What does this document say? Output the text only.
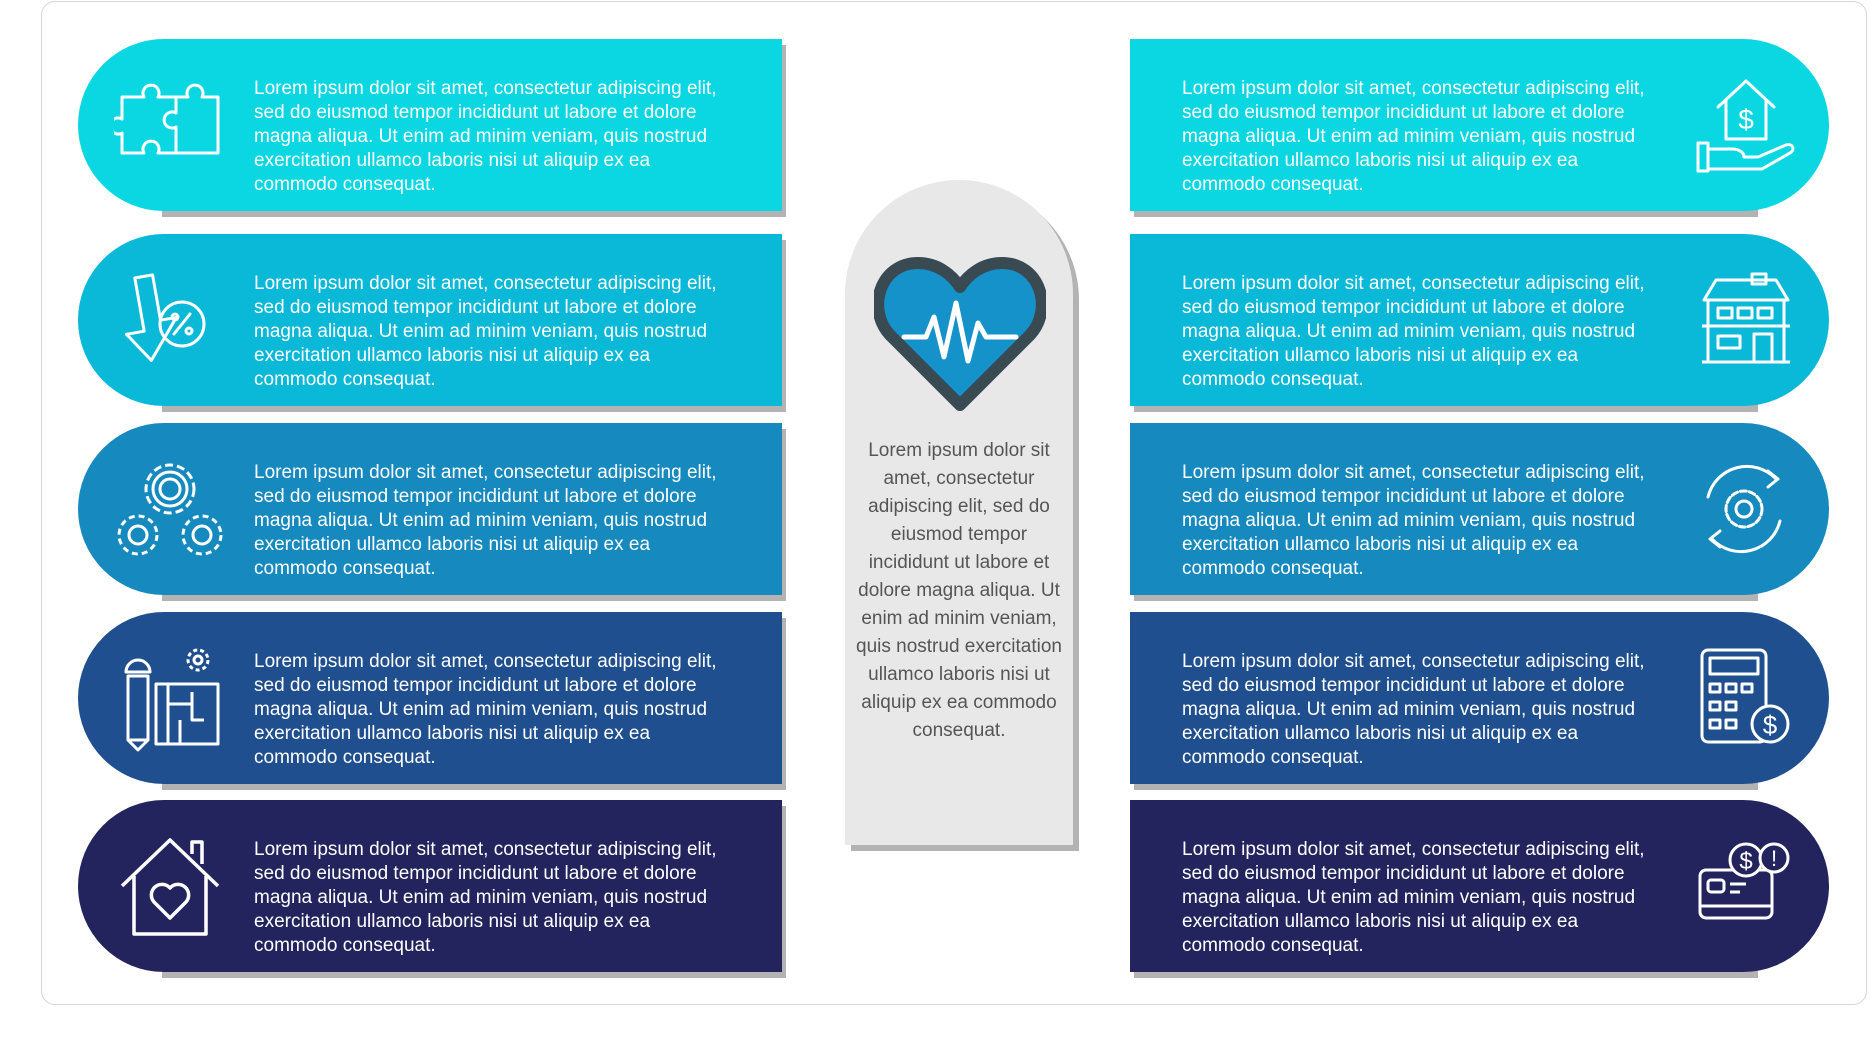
Lorem ipsum dolor sit amet, consectetur adipiscing elit, sed do eiusmod tempor incididunt ut labore et dolore magna aliqua. Ut enim ad minim veniam, quis nostrud exercitation ullamco laboris nisi ut aliquip ex ea commodo consequat.
Lorem ipsum dolor sit amet, consectetur adipiscing elit, sed do eiusmod tempor incididunt ut labore et dolore magna aliqua. Ut enim ad minim veniam, quis nostrud exercitation ullamco laboris nisi ut aliquip ex ea commodo consequat.
Lorem ipsum dolor sit amet, consectetur adipiscing elit, sed do eiusmod tempor incididunt ut labore et dolore magna aliqua. Ut enim ad minim veniam, quis nostrud exercitation ullamco laboris nisi ut aliquip ex ea commodo consequat.
Lorem ipsum dolor sit amet, consectetur adipiscing elit, sed do eiusmod tempor incididunt ut labore et dolore magna aliqua. Ut enim ad minim veniam, quis nostrud exercitation ullamco laboris nisi ut aliquip ex ea commodo consequat.
Lorem ipsum dolor sit amet, consectetur adipiscing elit, sed do eiusmod tempor incididunt ut labore et dolore magna aliqua. Ut enim ad minim veniam, quis nostrud exercitation ullamco laboris nisi ut aliquip ex ea commodo consequat.
Lorem ipsum dolor sit amet, consectetur adipiscing elit, sed do eiusmod tempor incididunt ut labore et dolore magna aliqua. Ut enim ad minim veniam, quis nostrud exercitation ullamco laboris nisi ut aliquip ex ea commodo consequat.
$
Lorem ipsum dolor sit amet, consectetur adipiscing elit, sed do eiusmod tempor incididunt ut labore et dolore magna aliqua. Ut enim ad minim veniam, quis nostrud exercitation ullamco laboris nisi ut aliquip ex ea commodo consequat.
Lorem ipsum dolor sit amet, consectetur adipiscing elit, sed do eiusmod tempor incididunt ut labore et dolore magna aliqua. Ut enim ad minim veniam, quis nostrud exercitation ullamco laboris nisi ut aliquip ex ea commodo consequat.
Lorem ipsum dolor sit amet, consectetur adipiscing elit, sed do eiusmod tempor incididunt ut labore et dolore magna aliqua. Ut enim ad minim veniam, quis nostrud exercitation ullamco laboris nisi ut aliquip ex ea commodo consequat.
$
Lorem ipsum dolor sit amet, consectetur adipiscing elit, sed do eiusmod tempor incididunt ut labore et dolore magna aliqua. Ut enim ad minim veniam, quis nostrud exercitation ullamco laboris nisi ut aliquip ex ea commodo consequat.
$ !
Lorem ipsum dolor sit amet, consectetur adipiscing elit, sed do eiusmod tempor incididunt ut labore et dolore magna aliqua. Ut enim ad minim veniam, quis nostrud exercitation ullamco laboris nisi ut aliquip ex ea commodo consequat.
